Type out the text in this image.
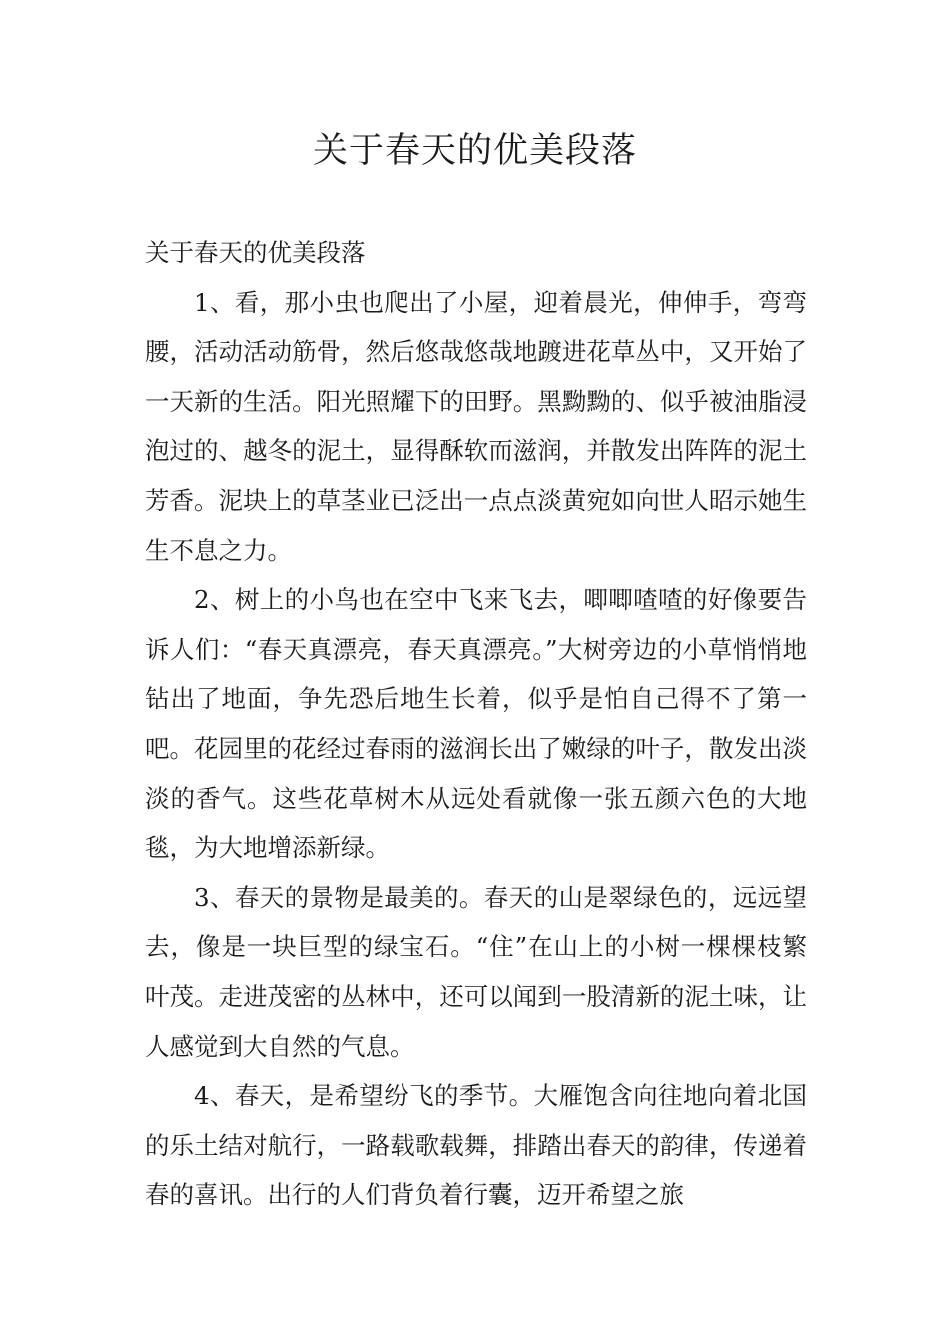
关于春天的优美段落

关于春天的优美段落

1、看，那小虫也爬出了小屋，迎着晨光，伸伸手，弯弯腰，活动活动筋骨，然后悠哉悠哉地踱进花草丛中，又开始了一天新的生活。阳光照耀下的田野。黑黝黝的、似乎被油脂浸泡过的、越冬的泥土，显得酥软而滋润，并散发出阵阵的泥土芳香。泥块上的草茎业已泛出一点点淡黄宛如向世人昭示她生生不息之力。

2、树上的小鸟也在空中飞来飞去，唧唧喳喳的好像要告诉人们：“春天真漂亮，春天真漂亮。”大树旁边的小草悄悄地钻出了地面，争先恐后地生长着，似乎是怕自己得不了第一吧。花园里的花经过春雨的滋润长出了嫩绿的叶子，散发出淡淡的香气。这些花草树木从远处看就像一张五颜六色的大地毯，为大地增添新绿。

3、春天的景物是最美的。春天的山是翠绿色的，远远望去，像是一块巨型的绿宝石。“住”在山上的小树一棵棵枝繁叶茂。走进茂密的丛林中，还可以闻到一股清新的泥土味，让人感觉到大自然的气息。

4、春天，是希望纷飞的季节。大雁饱含向往地向着北国的乐土结对航行，一路载歌载舞，排踏出春天的韵律，传递着春的喜讯。出行的人们背负着行囊，迈开希望之旅
